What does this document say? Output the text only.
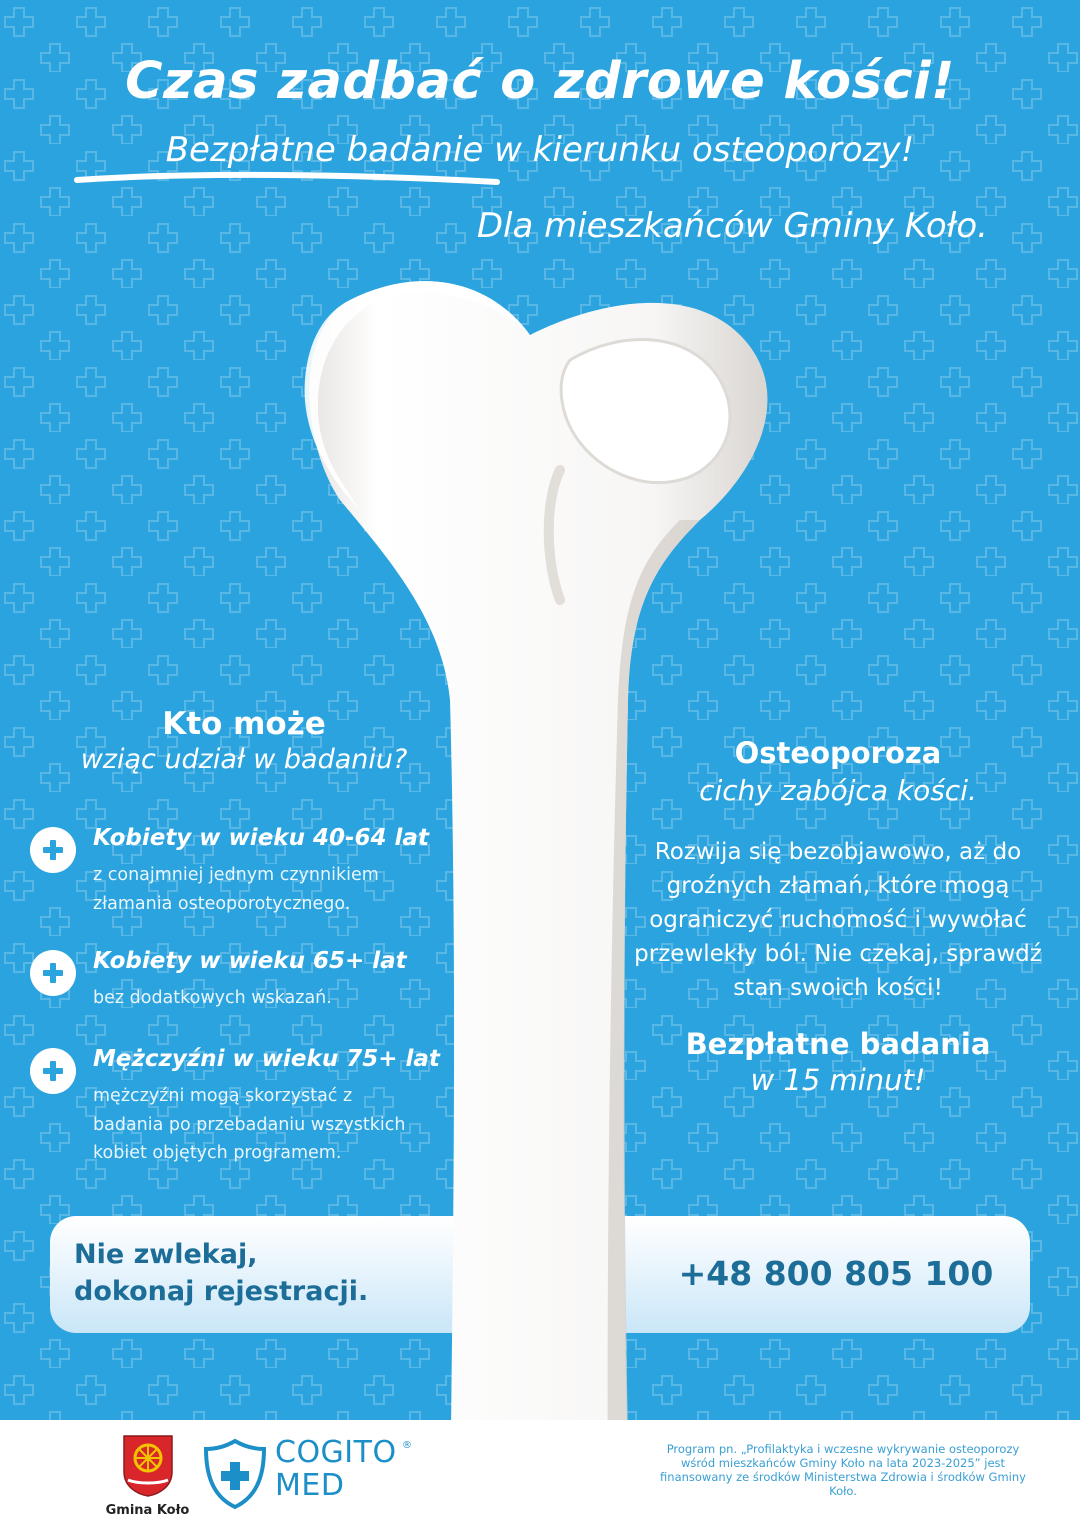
Czas zadbać o zdrowe kości!
Bezpłatne badanie w kierunku osteoporozy!
Dla mieszkańców Gminy Koło.
Kto może
wziąc udział w badaniu?
Kobiety w wieku 40-64 lat
z conajmniej jednym czynnikiem złamania osteoporotycznego.
Kobiety w wieku 65+ lat
bez dodatkowych wskazań.
Mężczyźni w wieku 75+ lat
mężczyźni mogą skorzystać z badania po przebadaniu wszystkich kobiet objętych programem.
Osteoporoza
cichy zabójca kości.
Rozwija się bezobjawowo, aż do groźnych złamań, które mogą ograniczyć ruchomość i wywołać przewlekły ból. Nie czekaj, sprawdź stan swoich kości!
Bezpłatne badania
w 15 minut!
Nie zwlekaj,
dokonaj rejestracji.	+48 800 805 100
Gmina Koło
COGITO
MED
®	Program pn. „Profilaktyka i wczesne wykrywanie osteoporozy wśród mieszkańców Gminy Koło na lata 2023-2025” jest finansowany ze środków Ministerstwa Zdrowia i środków Gminy Koło.
